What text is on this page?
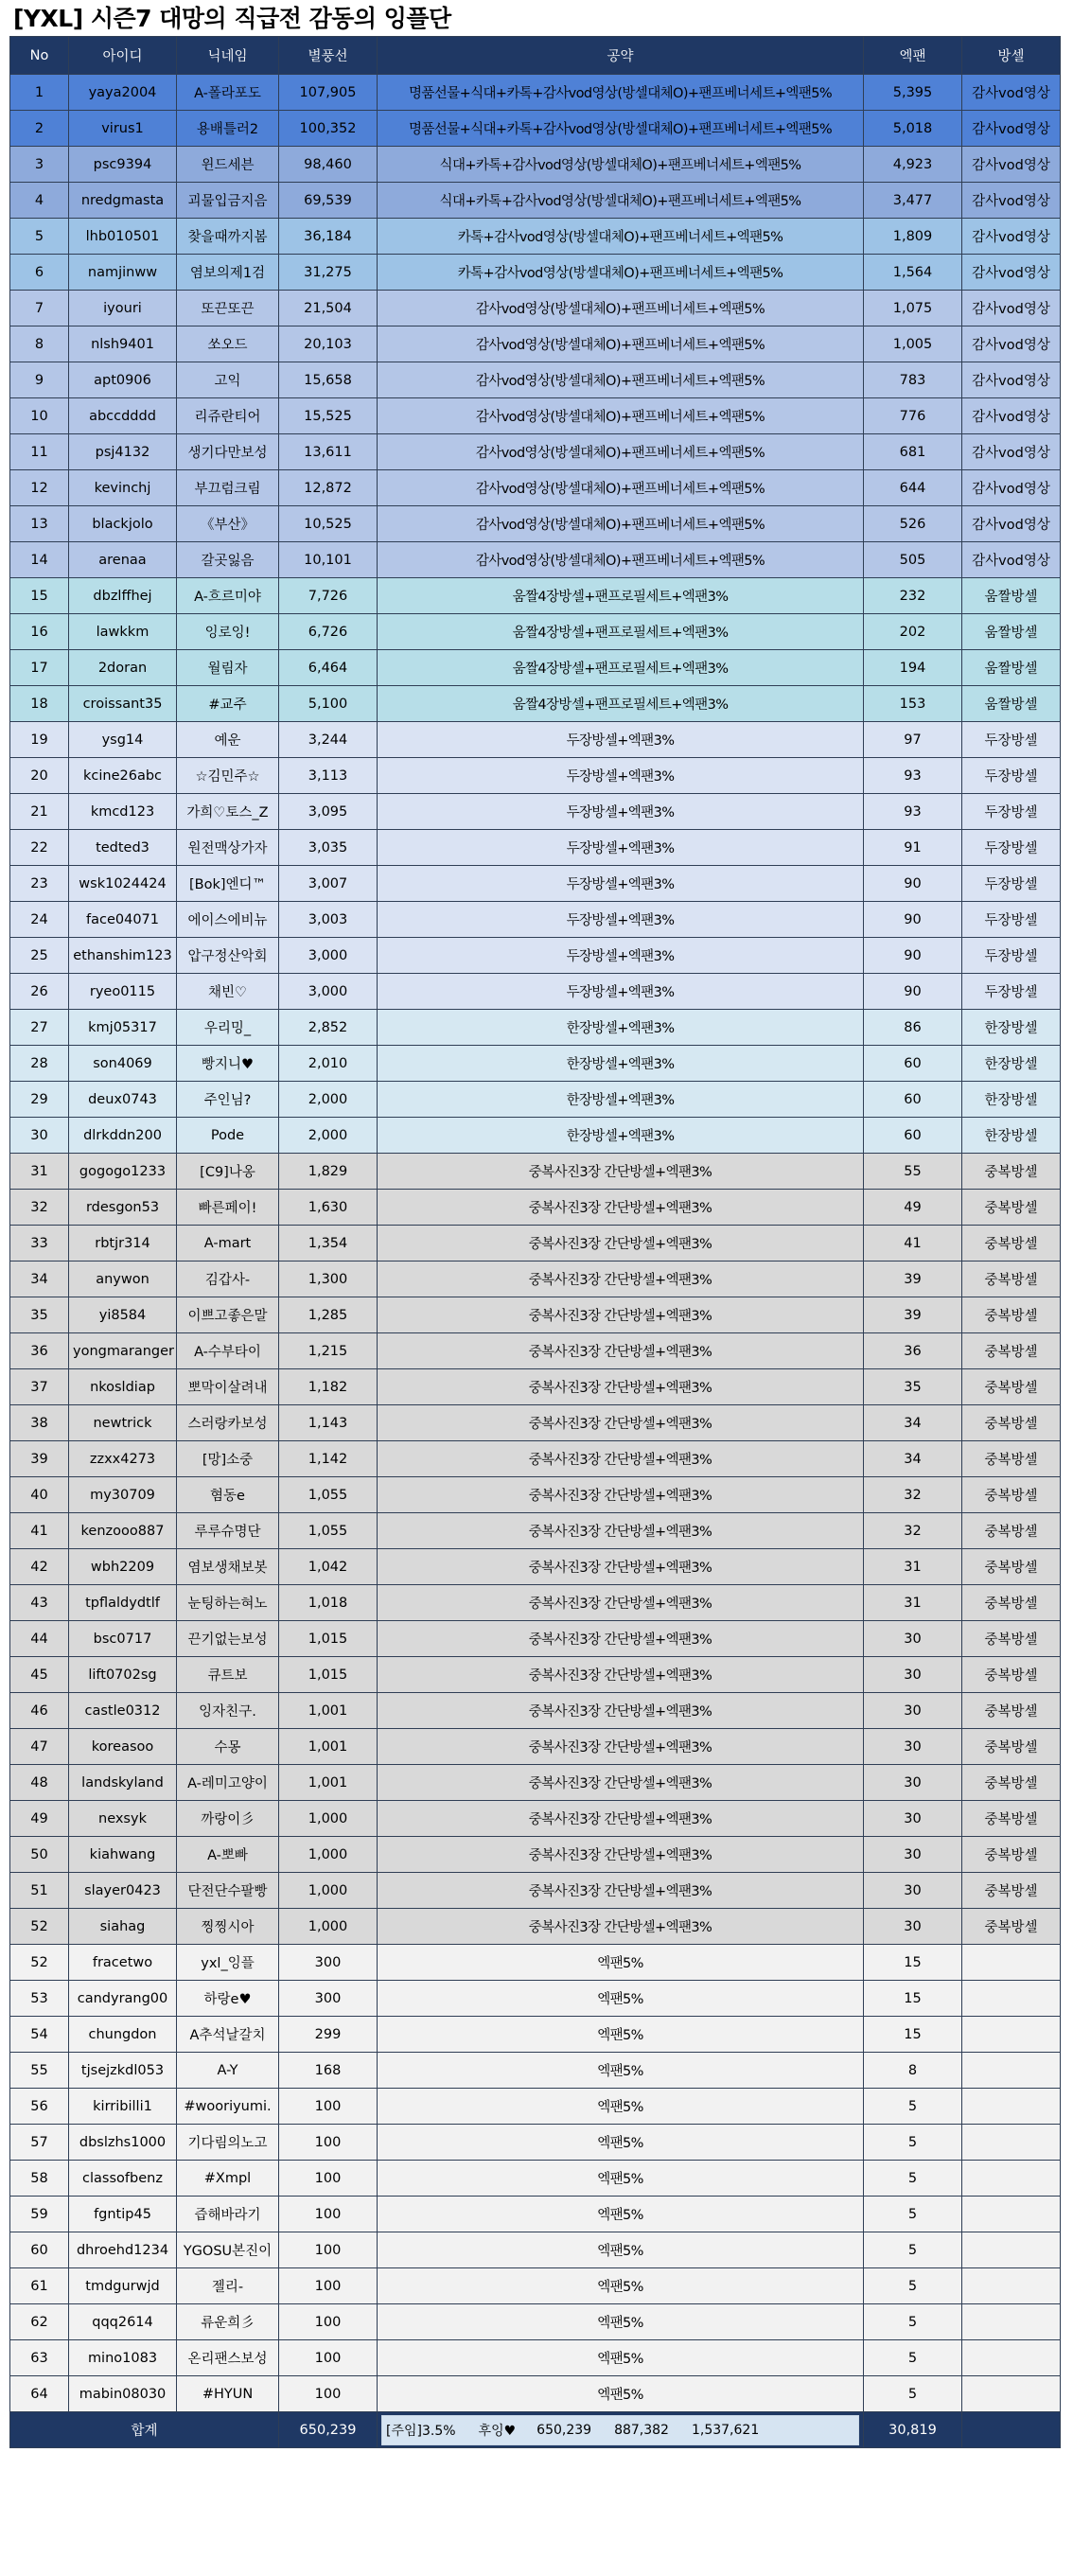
[YXL] 시즌7 대망의 직급전 감동의 잉플단
No	아이디	닉네임	별풍선	공약	엑팬	방셀
1	yaya2004	A-폴라포도	107,905	명품선물+식대+카톡+감사vod영상(방셀대체O)+팬프베너세트+엑팬5%	5,395	감사vod영상
2	virus1	용배틀러2	100,352	명품선물+식대+카톡+감사vod영상(방셀대체O)+팬프베너세트+엑팬5%	5,018	감사vod영상
3	psc9394	윈드세븐	98,460	식대+카톡+감사vod영상(방셀대체O)+팬프베너세트+엑팬5%	4,923	감사vod영상
4	nredgmasta	괴물입금지음	69,539	식대+카톡+감사vod영상(방셀대체O)+팬프베너세트+엑팬5%	3,477	감사vod영상
5	lhb010501	찾을때까지봄	36,184	카톡+감사vod영상(방셀대체O)+팬프베너세트+엑팬5%	1,809	감사vod영상
6	namjinww	염보의제1검	31,275	카톡+감사vod영상(방셀대체O)+팬프베너세트+엑팬5%	1,564	감사vod영상
7	iyouri	또끈또끈	21,504	감사vod영상(방셀대체O)+팬프베너세트+엑팬5%	1,075	감사vod영상
8	nlsh9401	쏘오드	20,103	감사vod영상(방셀대체O)+팬프베너세트+엑팬5%	1,005	감사vod영상
9	apt0906	고익	15,658	감사vod영상(방셀대체O)+팬프베너세트+엑팬5%	783	감사vod영상
10	abccdddd	리쥬란티어	15,525	감사vod영상(방셀대체O)+팬프베너세트+엑팬5%	776	감사vod영상
11	psj4132	생기다만보성	13,611	감사vod영상(방셀대체O)+팬프베너세트+엑팬5%	681	감사vod영상
12	kevinchj	부끄럼크림	12,872	감사vod영상(방셀대체O)+팬프베너세트+엑팬5%	644	감사vod영상
13	blackjolo	《부산》	10,525	감사vod영상(방셀대체O)+팬프베너세트+엑팬5%	526	감사vod영상
14	arenaa	갈곳잃음	10,101	감사vod영상(방셀대체O)+팬프베너세트+엑팬5%	505	감사vod영상
15	dbzlffhej	A-흐르미야	7,726	움짤4장방셀+팬프로필세트+엑팬3%	232	움짤방셀
16	lawkkm	잉로잉!	6,726	움짤4장방셀+팬프로필세트+엑팬3%	202	움짤방셀
17	2doran	월림자	6,464	움짤4장방셀+팬프로필세트+엑팬3%	194	움짤방셀
18	croissant35	#교주	5,100	움짤4장방셀+팬프로필세트+엑팬3%	153	움짤방셀
19	ysg14	예운	3,244	두장방셀+엑팬3%	97	두장방셀
20	kcine26abc	☆김민주☆	3,113	두장방셀+엑팬3%	93	두장방셀
21	kmcd123	가희♡토스_Z	3,095	두장방셀+엑팬3%	93	두장방셀
22	tedted3	원전맥상가자	3,035	두장방셀+엑팬3%	91	두장방셀
23	wsk1024424	[Bok]엔디™	3,007	두장방셀+엑팬3%	90	두장방셀
24	face04071	에이스에비뉴	3,003	두장방셀+엑팬3%	90	두장방셀
25	ethanshim123	압구정산악회	3,000	두장방셀+엑팬3%	90	두장방셀
26	ryeo0115	채빈♡	3,000	두장방셀+엑팬3%	90	두장방셀
27	kmj05317	우리밍_	2,852	한장방셀+엑팬3%	86	한장방셀
28	son4069	빵지니♥	2,010	한장방셀+엑팬3%	60	한장방셀
29	deux0743	주인님?	2,000	한장방셀+엑팬3%	60	한장방셀
30	dlrkddn200	Pode	2,000	한장방셀+엑팬3%	60	한장방셀
31	gogogo1233	[C9]나옹	1,829	중복사진3장 간단방셀+엑팬3%	55	중복방셀
32	rdesgon53	빠른페이!	1,630	중복사진3장 간단방셀+엑팬3%	49	중복방셀
33	rbtjr314	A-mart	1,354	중복사진3장 간단방셀+엑팬3%	41	중복방셀
34	anywon	김갑사-	1,300	중복사진3장 간단방셀+엑팬3%	39	중복방셀
35	yi8584	이쁘고좋은말	1,285	중복사진3장 간단방셀+엑팬3%	39	중복방셀
36	yongmaranger	A-수부타이	1,215	중복사진3장 간단방셀+엑팬3%	36	중복방셀
37	nkosldiap	뽀막이살려내	1,182	중복사진3장 간단방셀+엑팬3%	35	중복방셀
38	newtrick	스러랑카보성	1,143	중복사진3장 간단방셀+엑팬3%	34	중복방셀
39	zzxx4273	[망]소중	1,142	중복사진3장 간단방셀+엑팬3%	34	중복방셀
40	my30709	혐동e	1,055	중복사진3장 간단방셀+엑팬3%	32	중복방셀
41	kenzooo887	루루슈명단	1,055	중복사진3장 간단방셀+엑팬3%	32	중복방셀
42	wbh2209	염보생채보봇	1,042	중복사진3장 간단방셀+엑팬3%	31	중복방셀
43	tpflaldydtlf	눈팅하는혀노	1,018	중복사진3장 간단방셀+엑팬3%	31	중복방셀
44	bsc0717	끈기없는보성	1,015	중복사진3장 간단방셀+엑팬3%	30	중복방셀
45	lift0702sg	큐트보	1,015	중복사진3장 간단방셀+엑팬3%	30	중복방셀
46	castle0312	잉자친구.	1,001	중복사진3장 간단방셀+엑팬3%	30	중복방셀
47	koreasoo	수몽	1,001	중복사진3장 간단방셀+엑팬3%	30	중복방셀
48	landskyland	A-레미고양이	1,001	중복사진3장 간단방셀+엑팬3%	30	중복방셀
49	nexsyk	까랑이彡	1,000	중복사진3장 간단방셀+엑팬3%	30	중복방셀
50	kiahwang	A-뽀빠	1,000	중복사진3장 간단방셀+엑팬3%	30	중복방셀
51	slayer0423	단전단수팔빵	1,000	중복사진3장 간단방셀+엑팬3%	30	중복방셀
52	siahag	찡찡시아	1,000	중복사진3장 간단방셀+엑팬3%	30	중복방셀
52	fracetwo	yxl_잉플	300	엑팬5%	15	
53	candyrang00	하랑e♥	300	엑팬5%	15	
54	chungdon	A추석날갈치	299	엑팬5%	15	
55	tjsejzkdl053	A-Y	168	엑팬5%	8	
56	kirribilli1	#wooriyumi.	100	엑팬5%	5	
57	dbslzhs1000	기다림의노고	100	엑팬5%	5	
58	classofbenz	#Xmpl	100	엑팬5%	5	
59	fgntip45	즙해바라기	100	엑팬5%	5	
60	dhroehd1234	YGOSU본진이	100	엑팬5%	5	
61	tmdgurwjd	젤리-	100	엑팬5%	5	
62	qqq2614	류운희彡	100	엑팬5%	5	
63	mino1083	온리팬스보성	100	엑팬5%	5	
64	mabin08030	#HYUN	100	엑팬5%	5	
합계			650,239	[주임]3.5% 후잉♥ 650,239 887,382 1,537,621	30,819	
